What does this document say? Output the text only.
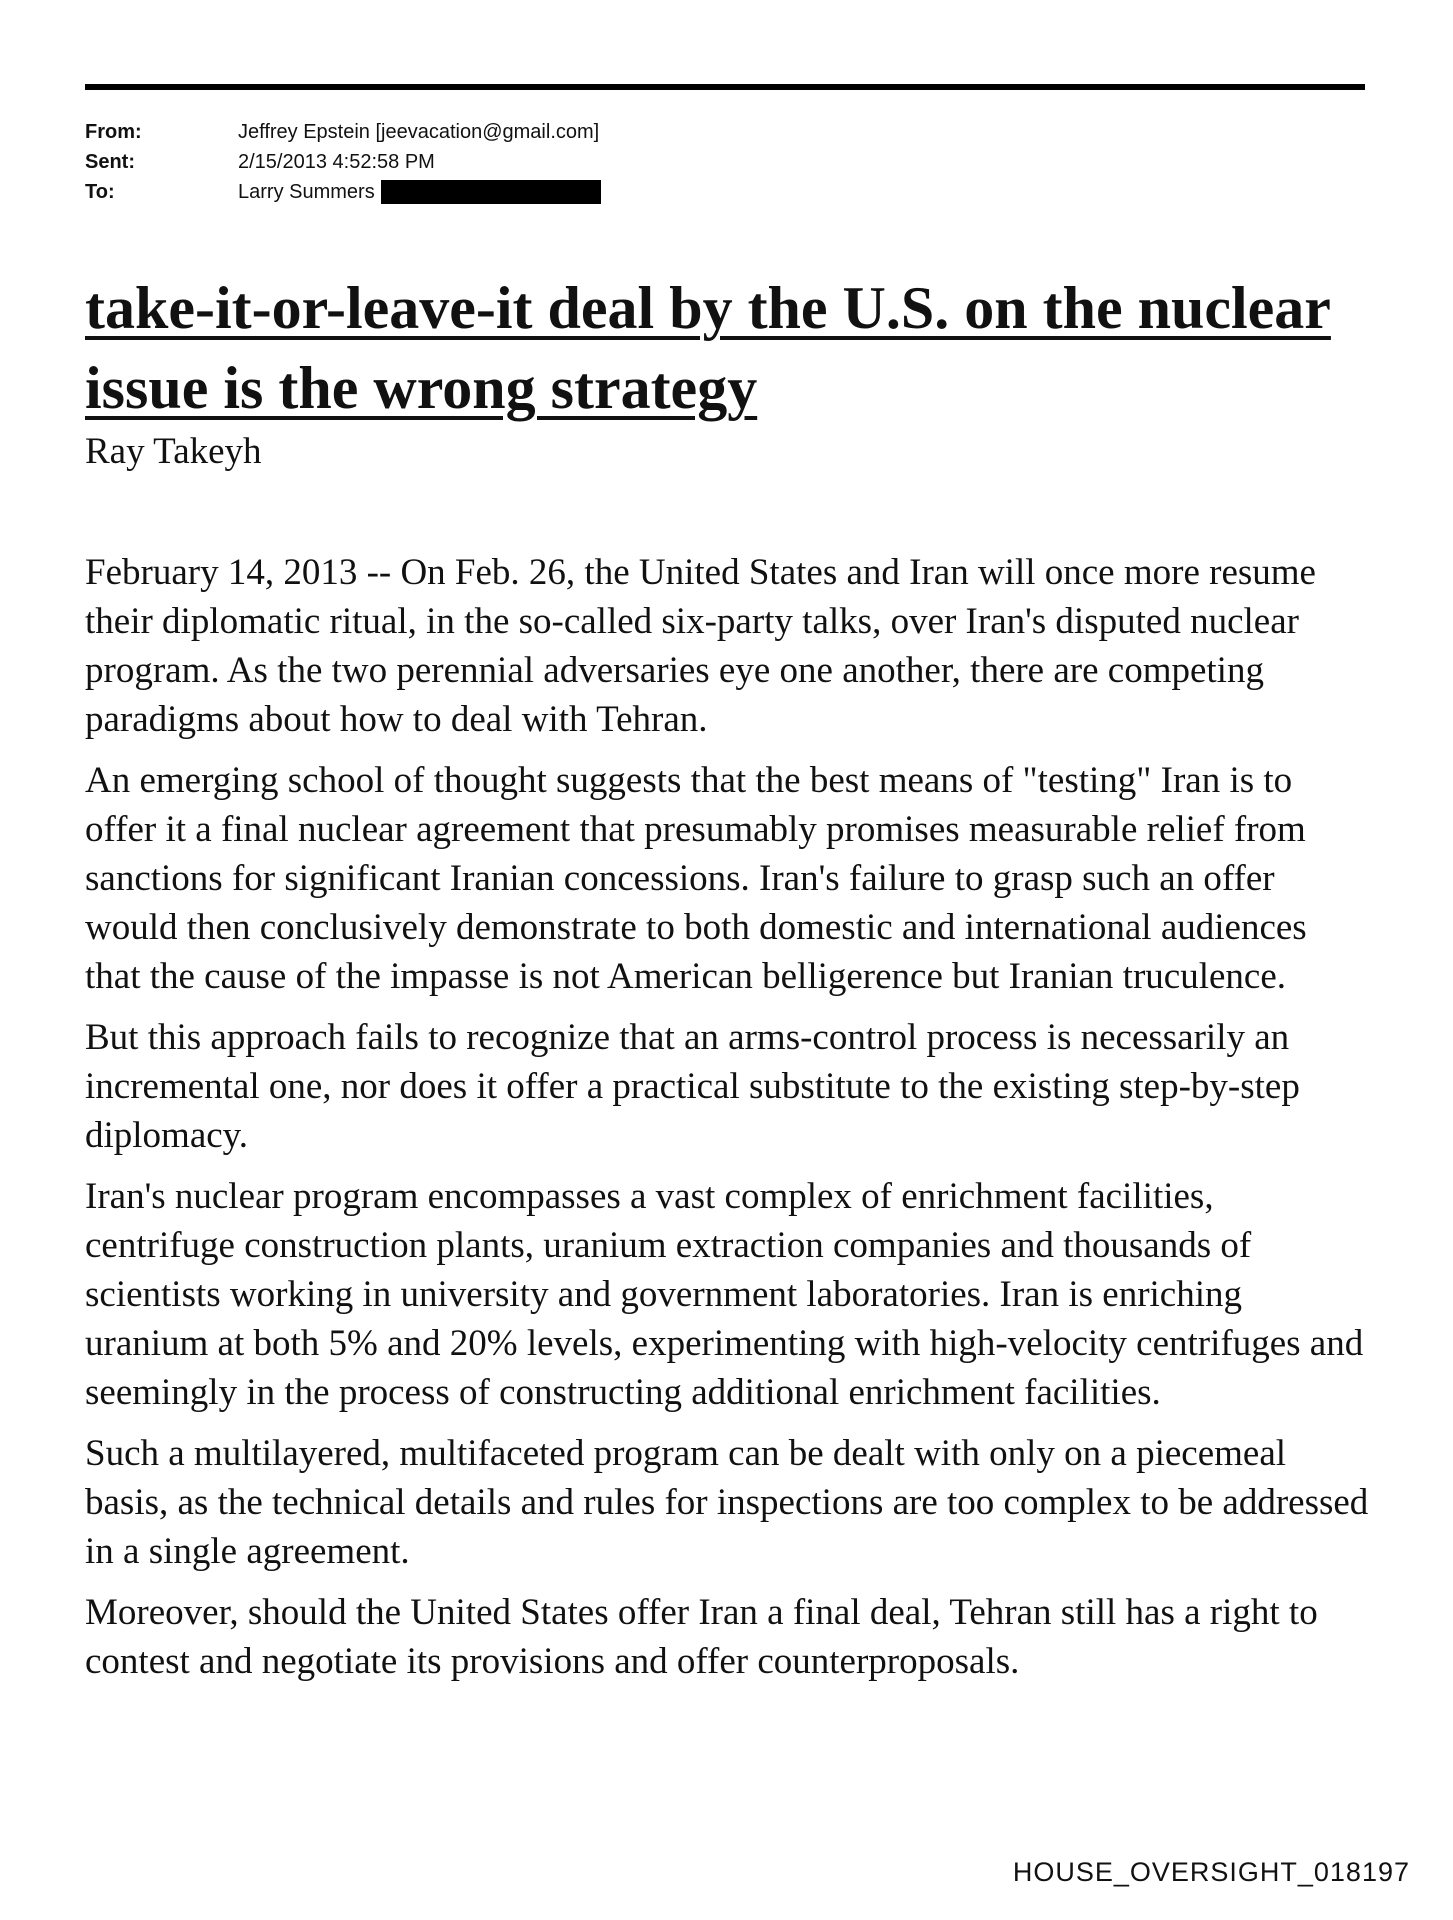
From:	Jeffrey Epstein [jeevacation@gmail.com]
Sent:	2/15/2013 4:52:58 PM
To:	Larry Summers
take-it-or-leave-it deal by the U.S. on the nuclear issue is the wrong strategy

Ray Takeyh

February 14, 2013 -- On Feb. 26, the United States and Iran will once more resume their diplomatic ritual, in the so-called six-party talks, over Iran's disputed nuclear program. As the two perennial adversaries eye one another, there are competing paradigms about how to deal with Tehran.

An emerging school of thought suggests that the best means of "testing" Iran is to offer it a final nuclear agreement that presumably promises measurable relief from sanctions for significant Iranian concessions. Iran's failure to grasp such an offer would then conclusively demonstrate to both domestic and international audiences that the cause of the impasse is not American belligerence but Iranian truculence.

But this approach fails to recognize that an arms-control process is necessarily an incremental one, nor does it offer a practical substitute to the existing step-by-step diplomacy.

Iran's nuclear program encompasses a vast complex of enrichment facilities, centrifuge construction plants, uranium extraction companies and thousands of scientists working in university and government laboratories. Iran is enriching uranium at both 5% and 20% levels, experimenting with high-velocity centrifuges and seemingly in the process of constructing additional enrichment facilities.

Such a multilayered, multifaceted program can be dealt with only on a piecemeal basis, as the technical details and rules for inspections are too complex to be addressed in a single agreement.

Moreover, should the United States offer Iran a final deal, Tehran still has a right to contest and negotiate its provisions and offer counterproposals.

HOUSE_OVERSIGHT_018197
